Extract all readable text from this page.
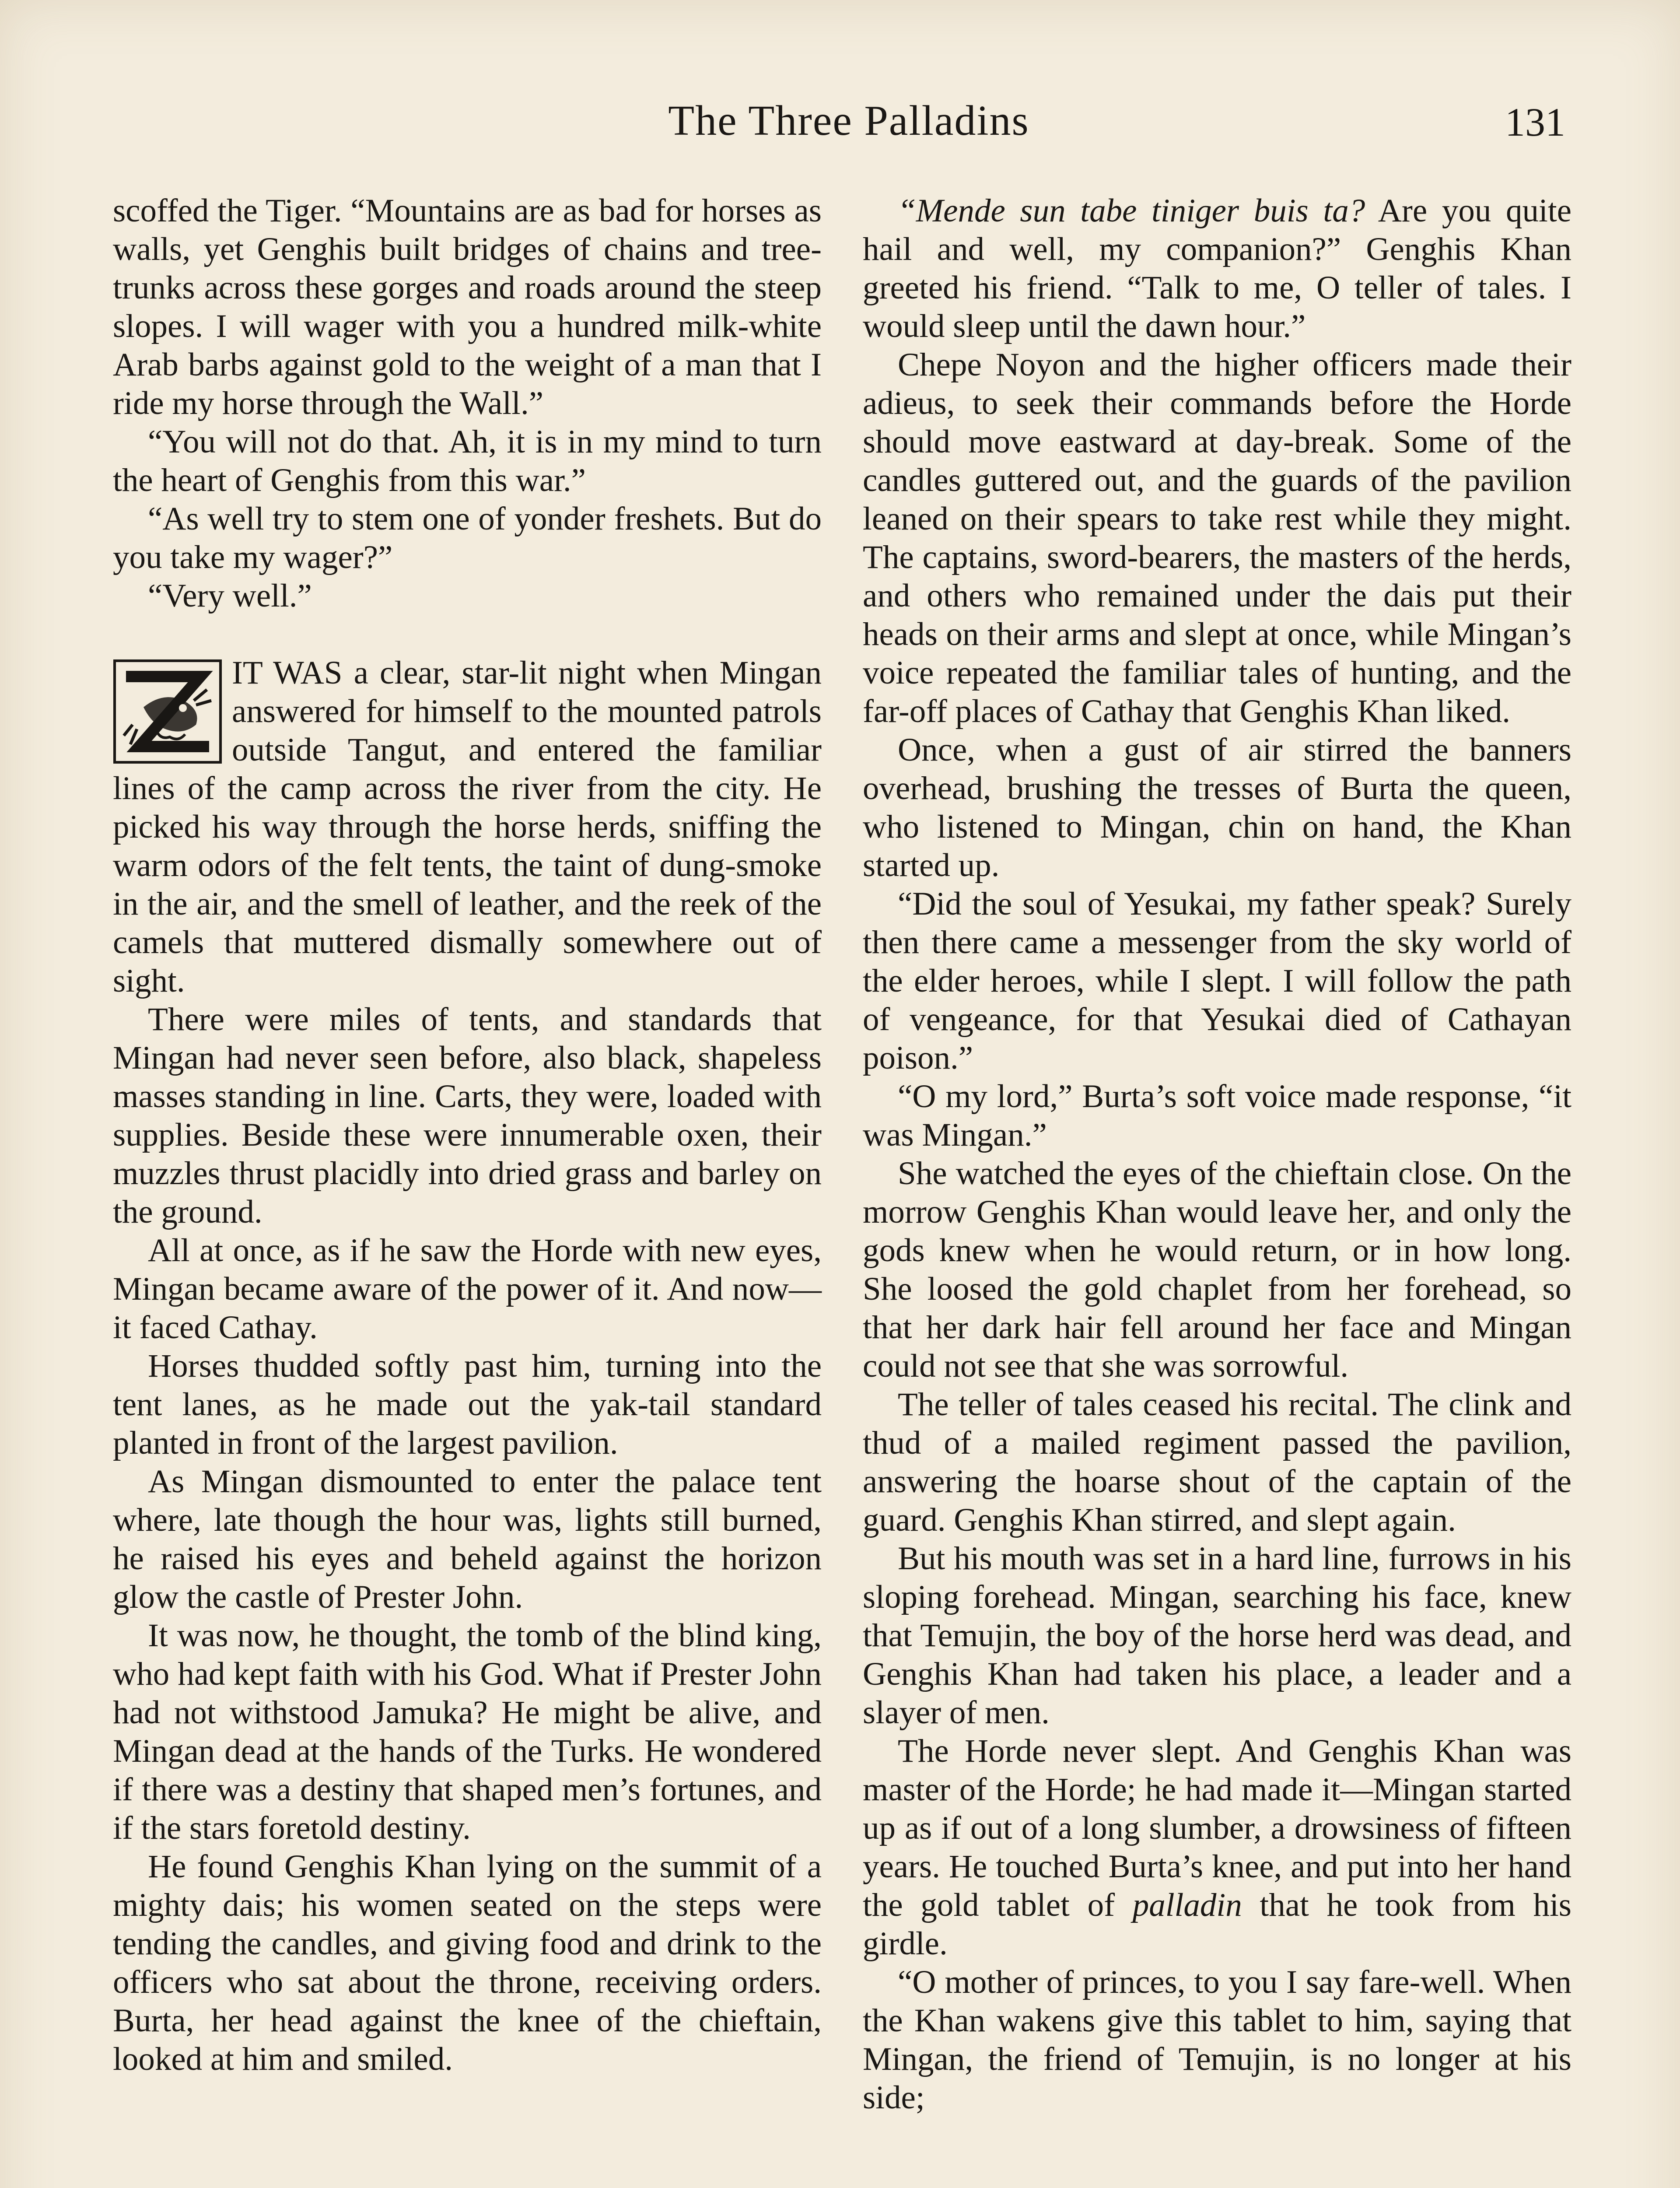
The Three Palladins	131

scoffed the Tiger. “Mountains are as bad for horses as walls, yet Genghis built bridges of chains and tree-trunks across these gorges and roads around the steep slopes. I will wager with you a hundred milk-white Arab barbs against gold to the weight of a man that I ride my horse through the Wall.”

“You will not do that. Ah, it is in my mind to turn the heart of Genghis from this war.”

“As well try to stem one of yonder freshets. But do you take my wager?”

“Very well.”

IT WAS a clear, star-lit night when Mingan answered for himself to the mounted patrols outside Tangut, and entered the familiar lines of the camp across the river from the city. He picked his way through the horse herds, sniffing the warm odors of the felt tents, the taint of dung-smoke in the air, and the smell of leather, and the reek of the camels that muttered dismally somewhere out of sight.

There were miles of tents, and standards that Mingan had never seen before, also black, shapeless masses standing in line. Carts, they were, loaded with supplies. Beside these were innumerable oxen, their muzzles thrust placidly into dried grass and barley on the ground.

All at once, as if he saw the Horde with new eyes, Mingan became aware of the power of it. And now—it faced Cathay.

Horses thudded softly past him, turning into the tent lanes, as he made out the yak-tail standard planted in front of the largest pavilion.

As Mingan dismounted to enter the palace tent where, late though the hour was, lights still burned, he raised his eyes and beheld against the horizon glow the castle of Prester John.

It was now, he thought, the tomb of the blind king, who had kept faith with his God. What if Prester John had not withstood Jamuka? He might be alive, and Mingan dead at the hands of the Turks. He wondered if there was a destiny that shaped men’s fortunes, and if the stars foretold destiny.

He found Genghis Khan lying on the summit of a mighty dais; his women seated on the steps were tending the candles, and giving food and drink to the officers who sat about the throne, receiving orders. Burta, her head against the knee of the chieftain, looked at him and smiled.

“Mende sun tabe tiniger buis ta? Are you quite hail and well, my companion?” Genghis Khan greeted his friend. “Talk to me, O teller of tales. I would sleep until the dawn hour.”

Chepe Noyon and the higher officers made their adieus, to seek their commands before the Horde should move eastward at day-break. Some of the candles guttered out, and the guards of the pavilion leaned on their spears to take rest while they might. The captains, sword-bearers, the masters of the herds, and others who remained under the dais put their heads on their arms and slept at once, while Mingan’s voice repeated the familiar tales of hunting, and the far-off places of Cathay that Genghis Khan liked.

Once, when a gust of air stirred the banners overhead, brushing the tresses of Burta the queen, who listened to Mingan, chin on hand, the Khan started up.

“Did the soul of Yesukai, my father speak? Surely then there came a messenger from the sky world of the elder heroes, while I slept. I will follow the path of vengeance, for that Yesukai died of Cathayan poison.”

“O my lord,” Burta’s soft voice made response, “it was Mingan.”

She watched the eyes of the chieftain close. On the morrow Genghis Khan would leave her, and only the gods knew when he would return, or in how long. She loosed the gold chaplet from her forehead, so that her dark hair fell around her face and Mingan could not see that she was sorrowful.

The teller of tales ceased his recital. The clink and thud of a mailed regiment passed the pavilion, answering the hoarse shout of the captain of the guard. Genghis Khan stirred, and slept again.

But his mouth was set in a hard line, furrows in his sloping forehead. Mingan, searching his face, knew that Temujin, the boy of the horse herd was dead, and Genghis Khan had taken his place, a leader and a slayer of men.

The Horde never slept. And Genghis Khan was master of the Horde; he had made it—Mingan started up as if out of a long slumber, a drowsiness of fifteen years. He touched Burta’s knee, and put into her hand the gold tablet of palladin that he took from his girdle.

“O mother of princes, to you I say fare-well. When the Khan wakens give this tablet to him, saying that Mingan, the friend of Temujin, is no longer at his side;
